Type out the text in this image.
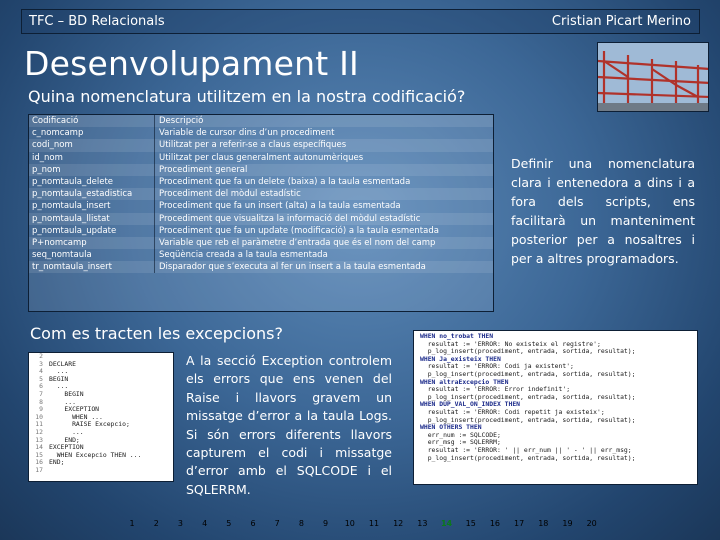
TFC – BD Relacionals	Cristian Picart Merino
Desenvolupament II
Quina nomenclatura utilitzem en la nostra codificació?
Codificació	Descripció
c_nomcamp	Variable de cursor dins d’un procediment
codi_nom	Utilitzat per a referir-se a claus específiques
id_nom	Utilitzat per claus generalment autonumèriques
p_nom	Procediment general
p_nomtaula_delete	Procediment que fa un delete (baixa) a la taula esmentada
p_nomtaula_estadistica	Procediment del mòdul estadístic
p_nomtaula_insert	Procediment que fa un insert (alta) a la taula esmentada
p_nomtaula_llistat	Procediment que visualitza la informació del mòdul estadístic
p_nomtaula_update	Procediment que fa un update (modificació) a la taula esmentada
P+nomcamp	Variable que reb el paràmetre d’entrada que és el nom del camp
seq_nomtaula	Seqüència creada a la taula esmentada
tr_nomtaula_insert	Disparador que s’executa al fer un insert a la taula esmentada
Definir una nomenclatura clara i entenedora a dins i a fora dels scripts, ens facilitarà un manteniment posterior per a nosaltres i per a altres programadors.
Com es tracten les excepcions?
2
3 DECLARE
4  ...
5 BEGIN
6  ...
7    BEGIN
8    ...
9    EXCEPTION
10      WHEN ...
11      RAISE Excepcio;
12      ...
13    END;
14 EXCEPTION
15  WHEN Excepcio THEN ...
16 END;
17
A la secció Exception controlem els errors que ens venen del Raise i llavors gravem un missatge d’error a la taula Logs. Si són errors diferents llavors capturem el codi i missatge d’error amb el SQLCODE i el SQLERRM.
WHEN no_trobat THEN
resultat := 'ERROR: No existeix el registre';
p_log_insert(procediment, entrada, sortida, resultat);
WHEN Ja_existeix THEN
resultat := 'ERROR: Codi ja existent';
p_log_insert(procediment, entrada, sortida, resultat);
WHEN altraExcepcio THEN
resultat := 'ERROR: Error indefinit';
p_log_insert(procediment, entrada, sortida, resultat);
WHEN DUP_VAL_ON_INDEX THEN
resultat := 'ERROR: Codi repetit ja existeix';
p_log_insert(procediment, entrada, sortida, resultat);
WHEN OTHERS THEN
err_num := SQLCODE;
err_msg := SQLERRM;
resultat := 'ERROR: ' || err_num || ' - ' || err_msg;
p_log_insert(procediment, entrada, sortida, resultat);
1	2	3	4	5	6	7	8	9	10	11	12	13	14	15	16	17	18	19	20
